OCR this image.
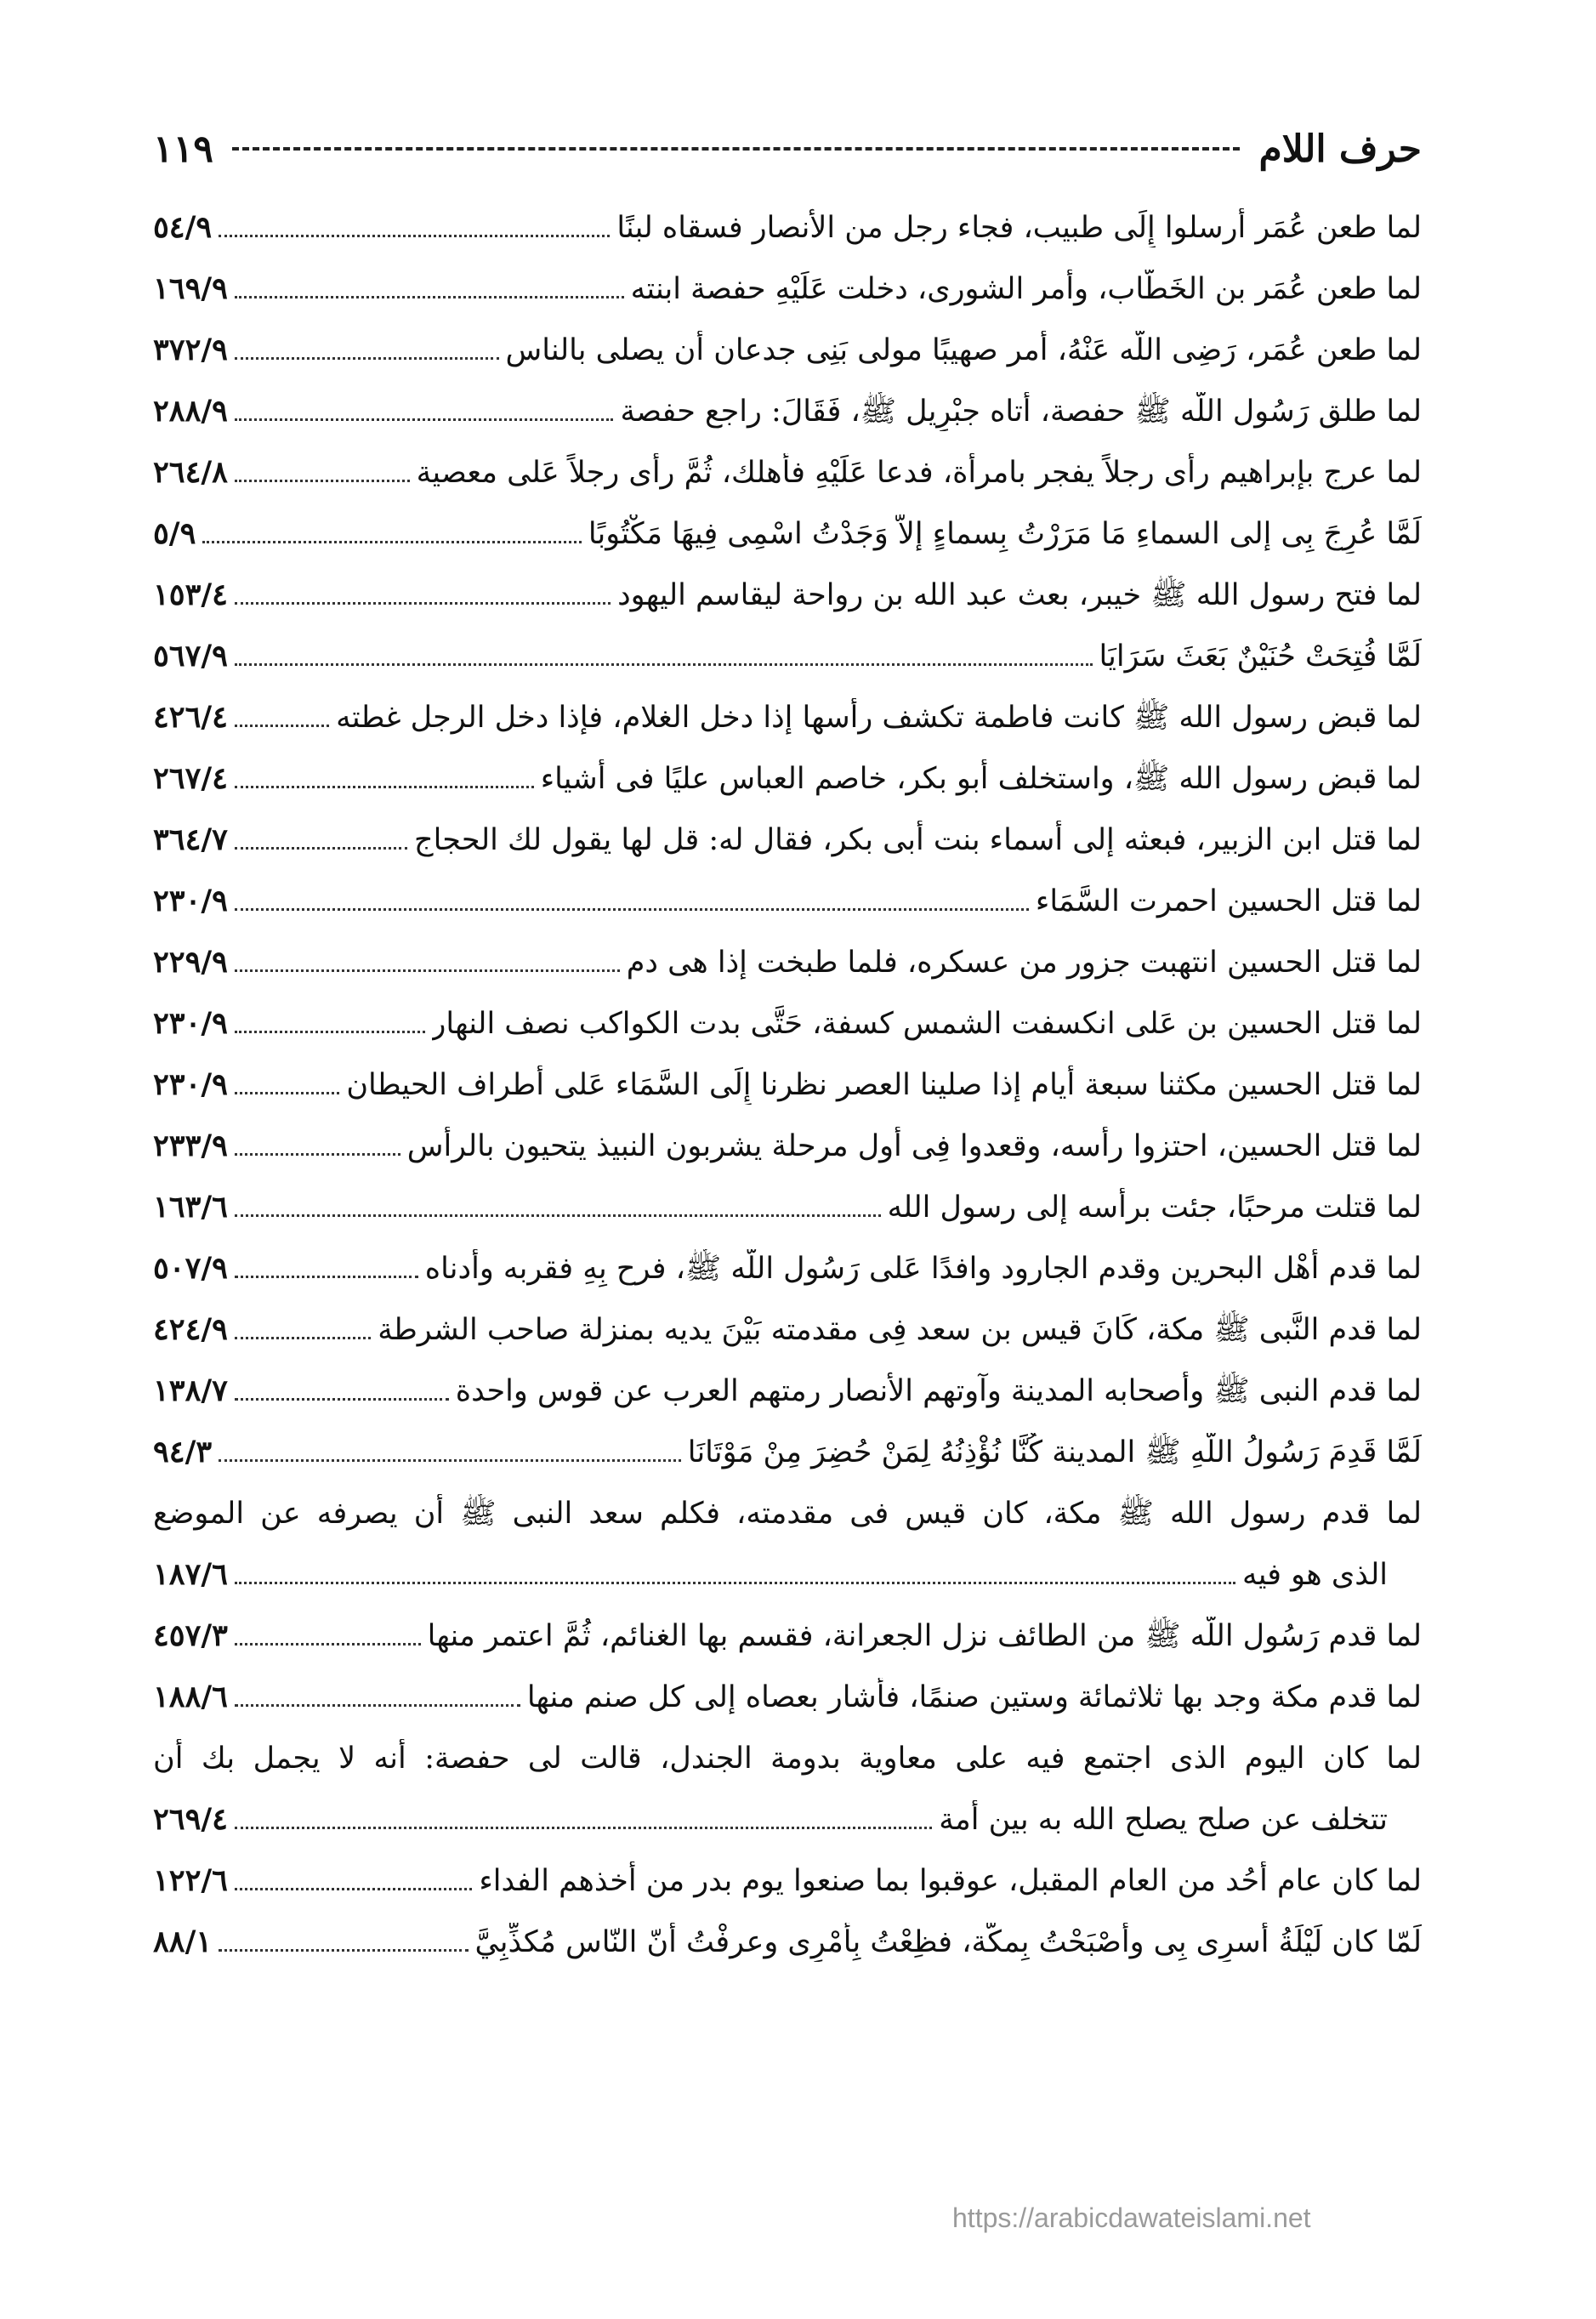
حرف اللام
١١٩
لما طعن عُمَر أرسلوا إِلَى طبيب، فجاء رجل من الأنصار فسقاه لبنًا
٥٤/٩
لما طعن عُمَر بن الخَطَّاب، وأمر الشورى، دخلت عَلَيْهِ حفصة ابنته
١٦٩/٩
لما طعن عُمَر، رَضِى اللَّه عَنْهُ، أمر صهيبًا مولى بَنِى جدعان أن يصلى بالناس
٣٧٢/٩
لما طلق رَسُول اللَّه ﷺ حفصة، أتاه جبْرِيل ﷺ، فَقَالَ: راجع حفصة
٢٨٨/٩
لما عرج بإبراهيم رأى رجلاً يفجر بامرأة، فدعا عَلَيْهِ فأهلك، ثُمَّ رأى رجلاً عَلى معصية
٢٦٤/٨
لَمَّا عُرِجَ بِى إلى السماءِ مَا مَرَرْتُ بِسماءٍ إلاَّ وَجَدْتُ اسْمِى فِيهَا مَكْتُوبًا
٥/٩
لما فتح رسول الله ﷺ خيبر، بعث عبد الله بن رواحة ليقاسم اليهود
١٥٣/٤
لَمَّا فُتِحَتْ حُنَيْنٌ بَعَثَ سَرَايَا
٥٦٧/٩
لما قبض رسول الله ﷺ كانت فاطمة تكشف رأسها إذا دخل الغلام، فإذا دخل الرجل غطته
٤٢٦/٤
لما قبض رسول الله ﷺ، واستخلف أبو بكر، خاصم العباس عليًا فى أشياء
٢٦٧/٤
لما قتل ابن الزبير، فبعثه إلى أسماء بنت أبى بكر، فقال له: قل لها يقول لك الحجاج
٣٦٤/٧
لما قتل الحسين احمرت السَّمَاء
٢٣٠/٩
لما قتل الحسين انتهبت جزور من عسكره، فلما طبخت إذا هى دم
٢٢٩/٩
لما قتل الحسين بن عَلى انكسفت الشمس كسفة، حَتَّى بدت الكواكب نصف النهار
٢٣٠/٩
لما قتل الحسين مكثنا سبعة أيام إذا صلينا العصر نظرنا إِلَى السَّمَاء عَلى أطراف الحيطان
٢٣٠/٩
لما قتل الحسين، احتزوا رأسه، وقعدوا فِى أول مرحلة يشربون النبيذ يتحيون بالرأس
٢٣٣/٩
لما قتلت مرحبًا، جئت برأسه إلى رسول الله
١٦٣/٦
لما قدم أَهْل البحرين وقدم الجارود وافدًا عَلى رَسُول اللَّه ﷺ، فرح بِهِ فقربه وأدناه
٥٠٧/٩
لما قدم النَّبى ﷺ مكة، كَانَ قيس بن سعد فِى مقدمته بَيْنَ يديه بمنزلة صاحب الشرطة
٤٢٤/٩
لما قدم النبى ﷺ وأصحابه المدينة وآوتهم الأنصار رمتهم العرب عن قوس واحدة
١٣٨/٧
لَمَّا قَدِمَ رَسُولُ اللَّهِ ﷺ المدينة كُنَّا نُؤْذِنُهُ لِمَنْ حُضِرَ مِنْ مَوْتَانَا
٩٤/٣
لما قدم رسول الله ﷺ مكة، كان قيس فى مقدمته، فكلم سعد النبى ﷺ أن يصرفه عن الموضع
الذى هو فيه
١٨٧/٦
لما قدم رَسُول اللَّه ﷺ من الطائف نزل الجعرانة، فقسم بها الغنائم، ثُمَّ اعتمر منها
٤٥٧/٣
لما قدم مكة وجد بها ثلاثمائة وستين صنمًا، فأشار بعصاه إلى كل صنم منها
١٨٨/٦
لما كان اليوم الذى اجتمع فيه على معاوية بدومة الجندل، قالت لى حفصة: أنه لا يجمل بك أن
تتخلف عن صلح يصلح الله به بين أمة
٢٦٩/٤
لما كان عام أُحُد من العام المقبل، عوقبوا بما صنعوا يوم بدر من أخذهم الفداء
١٢٢/٦
لَمّا كان لَيْلَةُ أُسرِى بِى وأَصْبَحْتُ بِمكَّة، فظِعْتُ بِأمْرِى وعرفْتُ أنّ النّاس مُكذِّبِيَّ
٨٨/١
https://arabicdawateislami.net
